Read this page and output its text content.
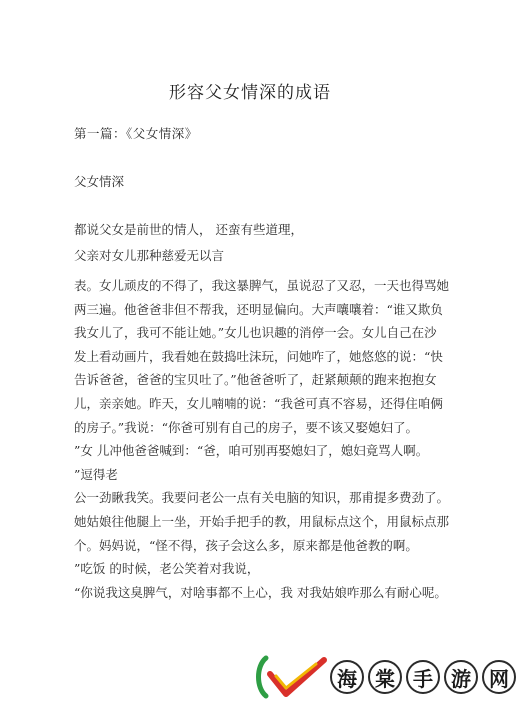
形容父女情深的成语
第一篇：《父女情深》
父女情深
都说父女是前世的情人， 还蛮有些道理，
父亲对女儿那种慈爱无以言
表。女儿顽皮的不得了，我这暴脾气，虽说忍了又忍，一天也得骂她
两三遍。他爸爸非但不帮我，还明显偏向。大声嚷嚷着：“谁又欺负
我女儿了，我可不能让她。”女儿也识趣的消停一会。女儿自己在沙
发上看动画片，我看她在鼓捣吐沫玩，问她咋了，她悠悠的说：“快
告诉爸爸，爸爸的宝贝吐了。”他爸爸听了，赶紧颠颠的跑来抱抱女
儿，亲亲她。昨天，女儿喃喃的说：“我爸可真不容易，还得住咱俩
的房子。”我说：“你爸可别有自己的房子，要不该又娶媳妇了。
”女 儿冲他爸爸喊到：“爸，咱可别再娶媳妇了，媳妇竟骂人啊。
”逗得老
公一劲瞅我笑。我要问老公一点有关电脑的知识，那甫提多费劲了。
她姑娘往他腿上一坐，开始手把手的教，用鼠标点这个，用鼠标点那
个。妈妈说，“怪不得，孩子会这么多，原来都是他爸教的啊。
”吃饭 的时候，老公笑着对我说，
“你说我这臭脾气，对啥事都不上心，我 对我姑娘咋那么有耐心呢。
海 棠 手 游 网
